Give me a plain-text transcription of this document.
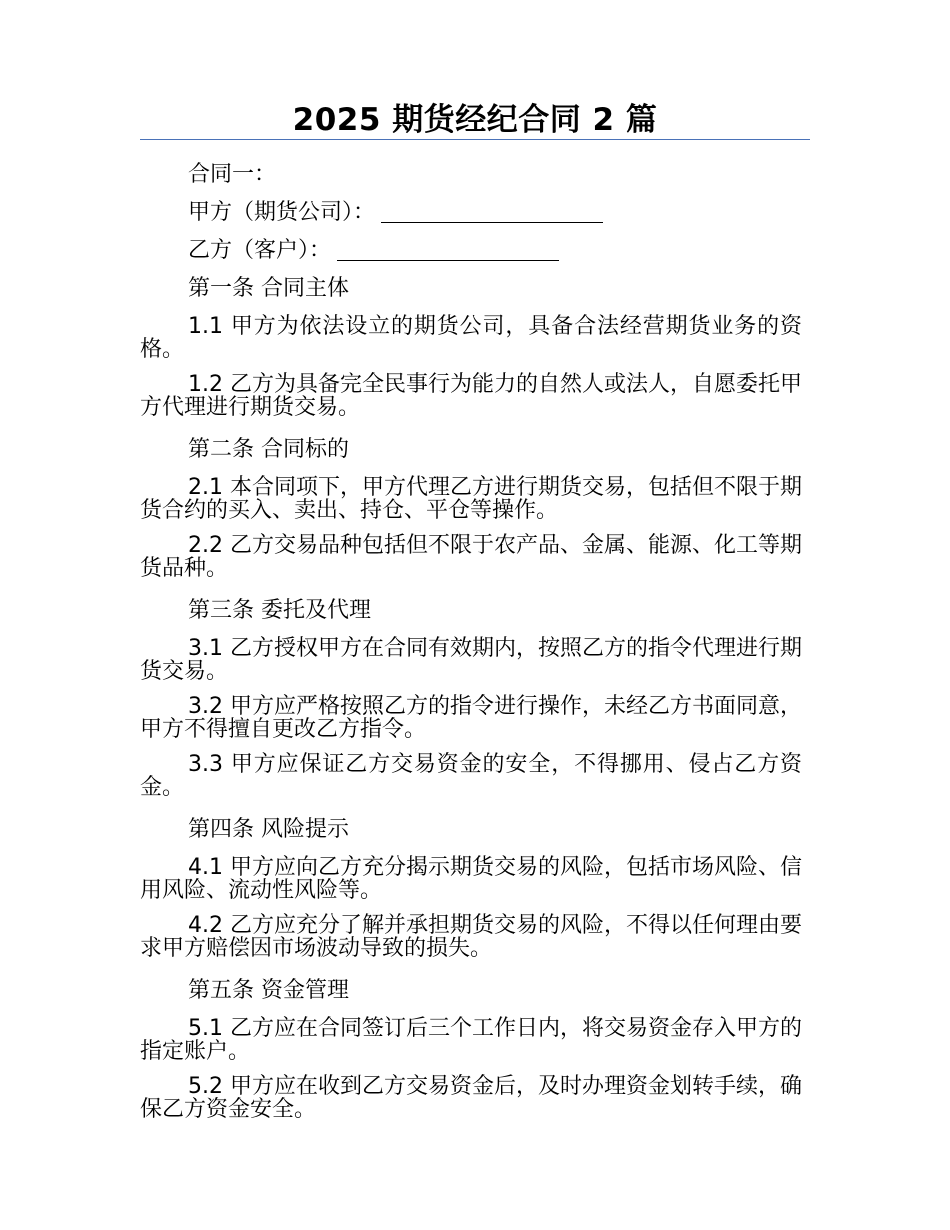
2025 期货经纪合同 2 篇

合同一：

甲方（期货公司）：

乙方（客户）：

第一条 合同主体

1.1 甲方为依法设立的期货公司，具备合法经营期货业务的资格。

1.2 乙方为具备完全民事行为能力的自然人或法人，自愿委托甲方代理进行期货交易。

第二条 合同标的

2.1 本合同项下，甲方代理乙方进行期货交易，包括但不限于期货合约的买入、卖出、持仓、平仓等操作。

2.2 乙方交易品种包括但不限于农产品、金属、能源、化工等期货品种。

第三条 委托及代理

3.1 乙方授权甲方在合同有效期内，按照乙方的指令代理进行期货交易。

3.2 甲方应严格按照乙方的指令进行操作，未经乙方书面同意，甲方不得擅自更改乙方指令。

3.3 甲方应保证乙方交易资金的安全，不得挪用、侵占乙方资金。

第四条 风险提示

4.1 甲方应向乙方充分揭示期货交易的风险，包括市场风险、信用风险、流动性风险等。

4.2 乙方应充分了解并承担期货交易的风险，不得以任何理由要求甲方赔偿因市场波动导致的损失。

第五条 资金管理

5.1 乙方应在合同签订后三个工作日内，将交易资金存入甲方的指定账户。

5.2 甲方应在收到乙方交易资金后，及时办理资金划转手续，确保乙方资金安全。
